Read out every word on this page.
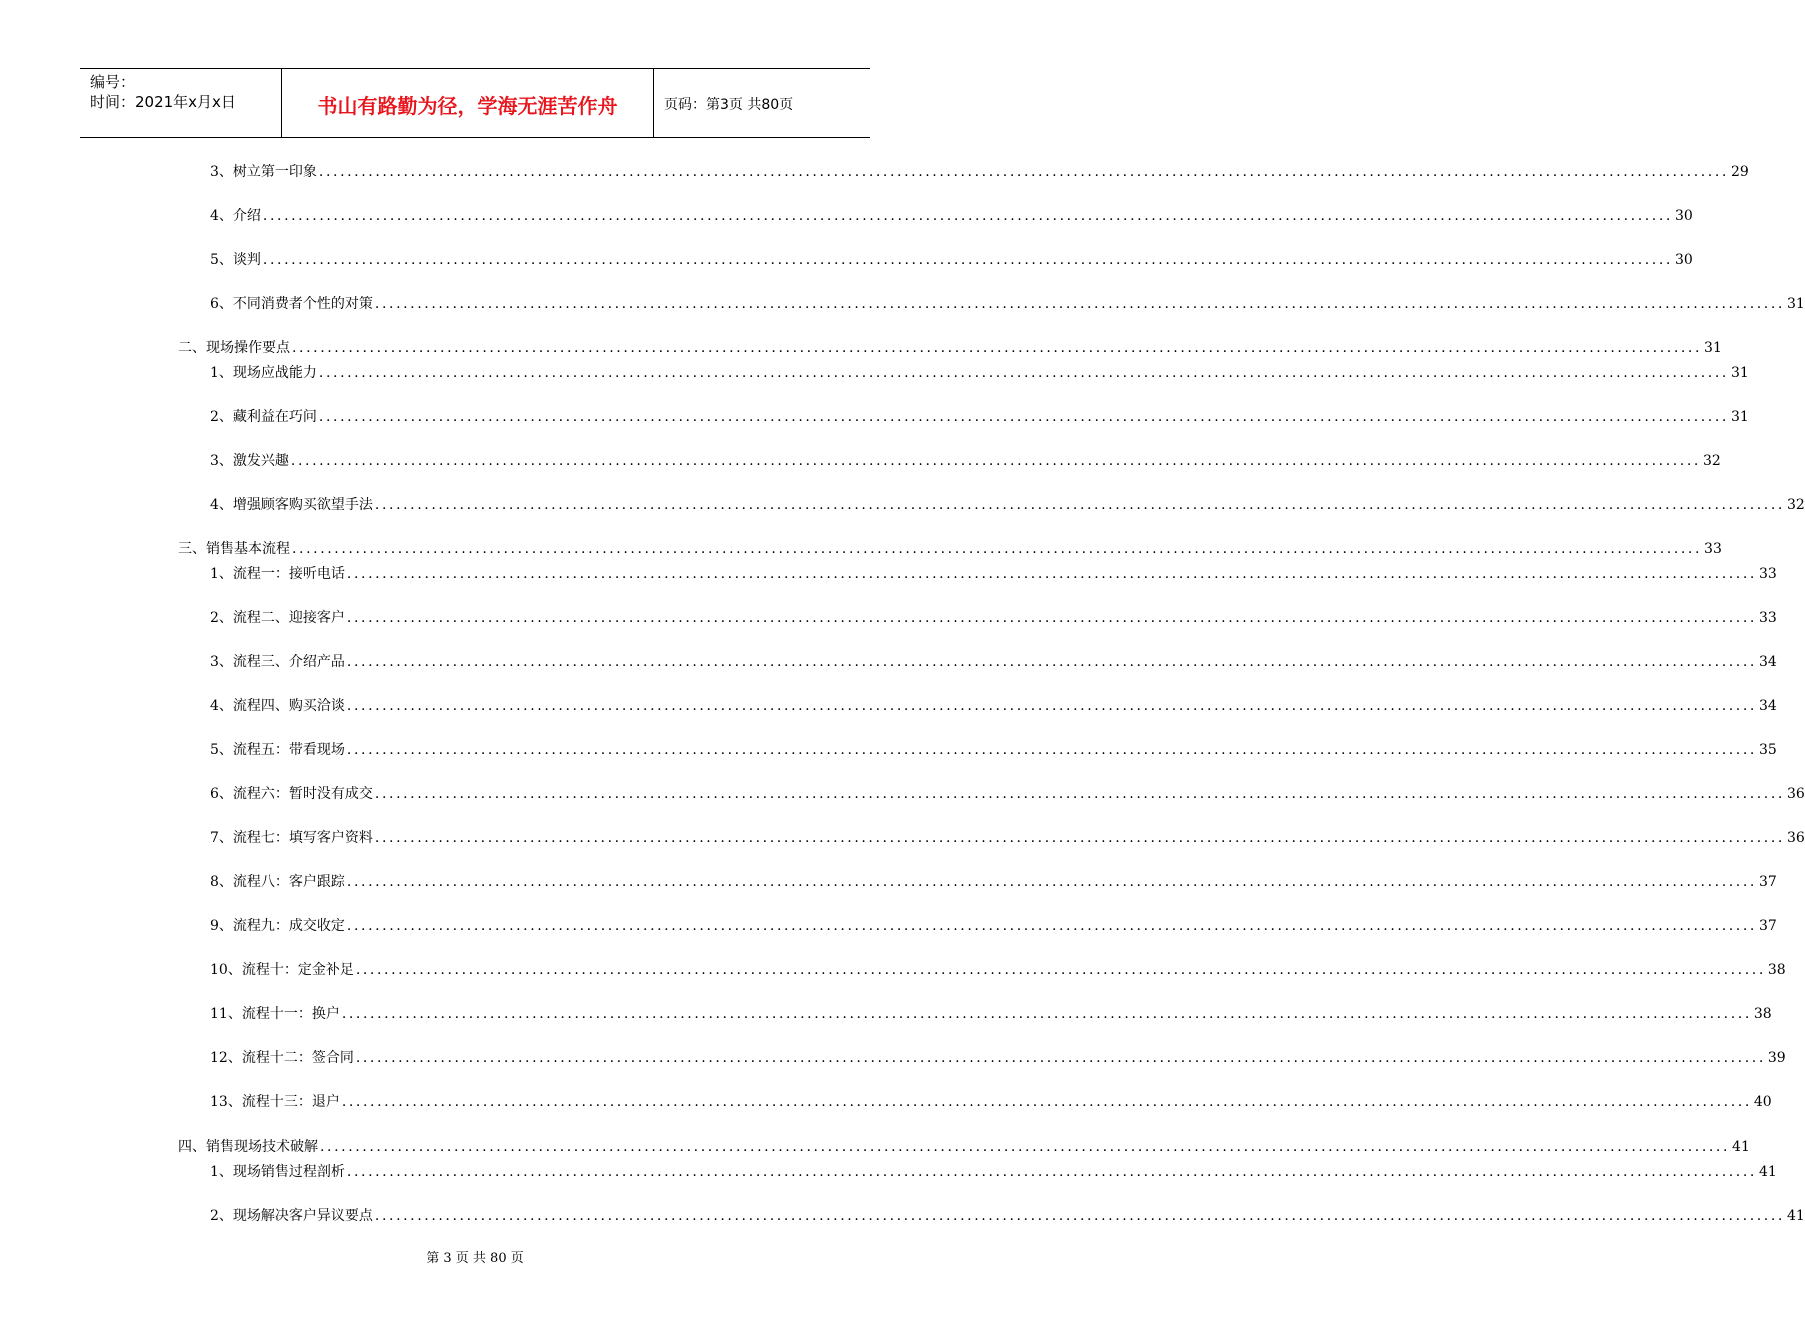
编号：
时间：2021年x月x日	书山有路勤为径，学海无涯苦作舟	页码：第3页 共80页
3、树立第一印象 ........................................................................................................................................................................................................ 29
4、介绍 ........................................................................................................................................................................................................ 30
5、谈判 ........................................................................................................................................................................................................ 30
6、不同消费者个性的对策 ........................................................................................................................................................................................................ 31
二、现场操作要点 ........................................................................................................................................................................................................ 31
1、现场应战能力 ........................................................................................................................................................................................................ 31
2、藏利益在巧问 ........................................................................................................................................................................................................ 31
3、激发兴趣 ........................................................................................................................................................................................................ 32
4、增强顾客购买欲望手法 ........................................................................................................................................................................................................ 32
三、销售基本流程 ........................................................................................................................................................................................................ 33
1、流程一：接听电话 ........................................................................................................................................................................................................ 33
2、流程二、迎接客户 ........................................................................................................................................................................................................ 33
3、流程三、介绍产品 ........................................................................................................................................................................................................ 34
4、流程四、购买洽谈 ........................................................................................................................................................................................................ 34
5、流程五：带看现场 ........................................................................................................................................................................................................ 35
6、流程六：暂时没有成交 ........................................................................................................................................................................................................ 36
7、流程七：填写客户资料 ........................................................................................................................................................................................................ 36
8、流程八：客户跟踪 ........................................................................................................................................................................................................ 37
9、流程九：成交收定 ........................................................................................................................................................................................................ 37
10、流程十：定金补足 ........................................................................................................................................................................................................ 38
11、流程十一：换户 ........................................................................................................................................................................................................ 38
12、流程十二：签合同 ........................................................................................................................................................................................................ 39
13、流程十三：退户 ........................................................................................................................................................................................................ 40
四、销售现场技术破解 ........................................................................................................................................................................................................ 41
1、现场销售过程剖析 ........................................................................................................................................................................................................ 41
2、现场解决客户异议要点 ........................................................................................................................................................................................................ 41
第 3 页 共 80 页
